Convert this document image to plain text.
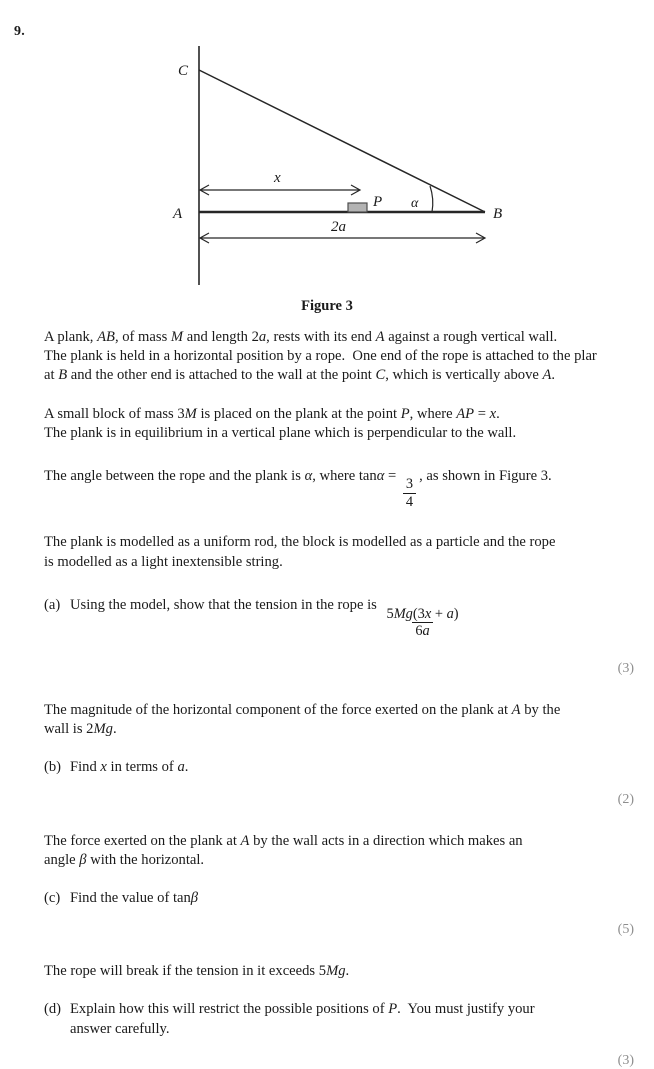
9.
C
A	B
P α
x
2a
Figure 3

A plank, AB, of mass M and length 2a, rests with its end A against a rough vertical wall.

The plank is held in a horizontal position by a rope.  One end of the rope is attached to the plar

at B and the other end is attached to the wall at the point C, which is vertically above A.

A small block of mass 3M is placed on the plank at the point P, where AP = x.

The plank is in equilibrium in a vertical plane which is perpendicular to the wall.

The angle between the rope and the plank is α, where tanα =
$\frac{3}{4}$
, as shown in Figure 3.

The plank is modelled as a uniform rod, the block is modelled as a particle and the rope

is modelled as a light inextensible string.

(a) Using the model, show that the tension in the rope is
$\frac{5Mg(3x + a)}{6a}$
(3)

The magnitude of the horizontal component of the force exerted on the plank at A by the

wall is 2Mg.

(b) Find x in terms of a.
(2)

The force exerted on the plank at A by the wall acts in a direction which makes an

angle β with the horizontal.

(c) Find the value of tanβ
(5)

The rope will break if the tension in it exceeds 5Mg.

(d) Explain how this will restrict the possible positions of P.  You must justify your
answer carefully.
(3)
